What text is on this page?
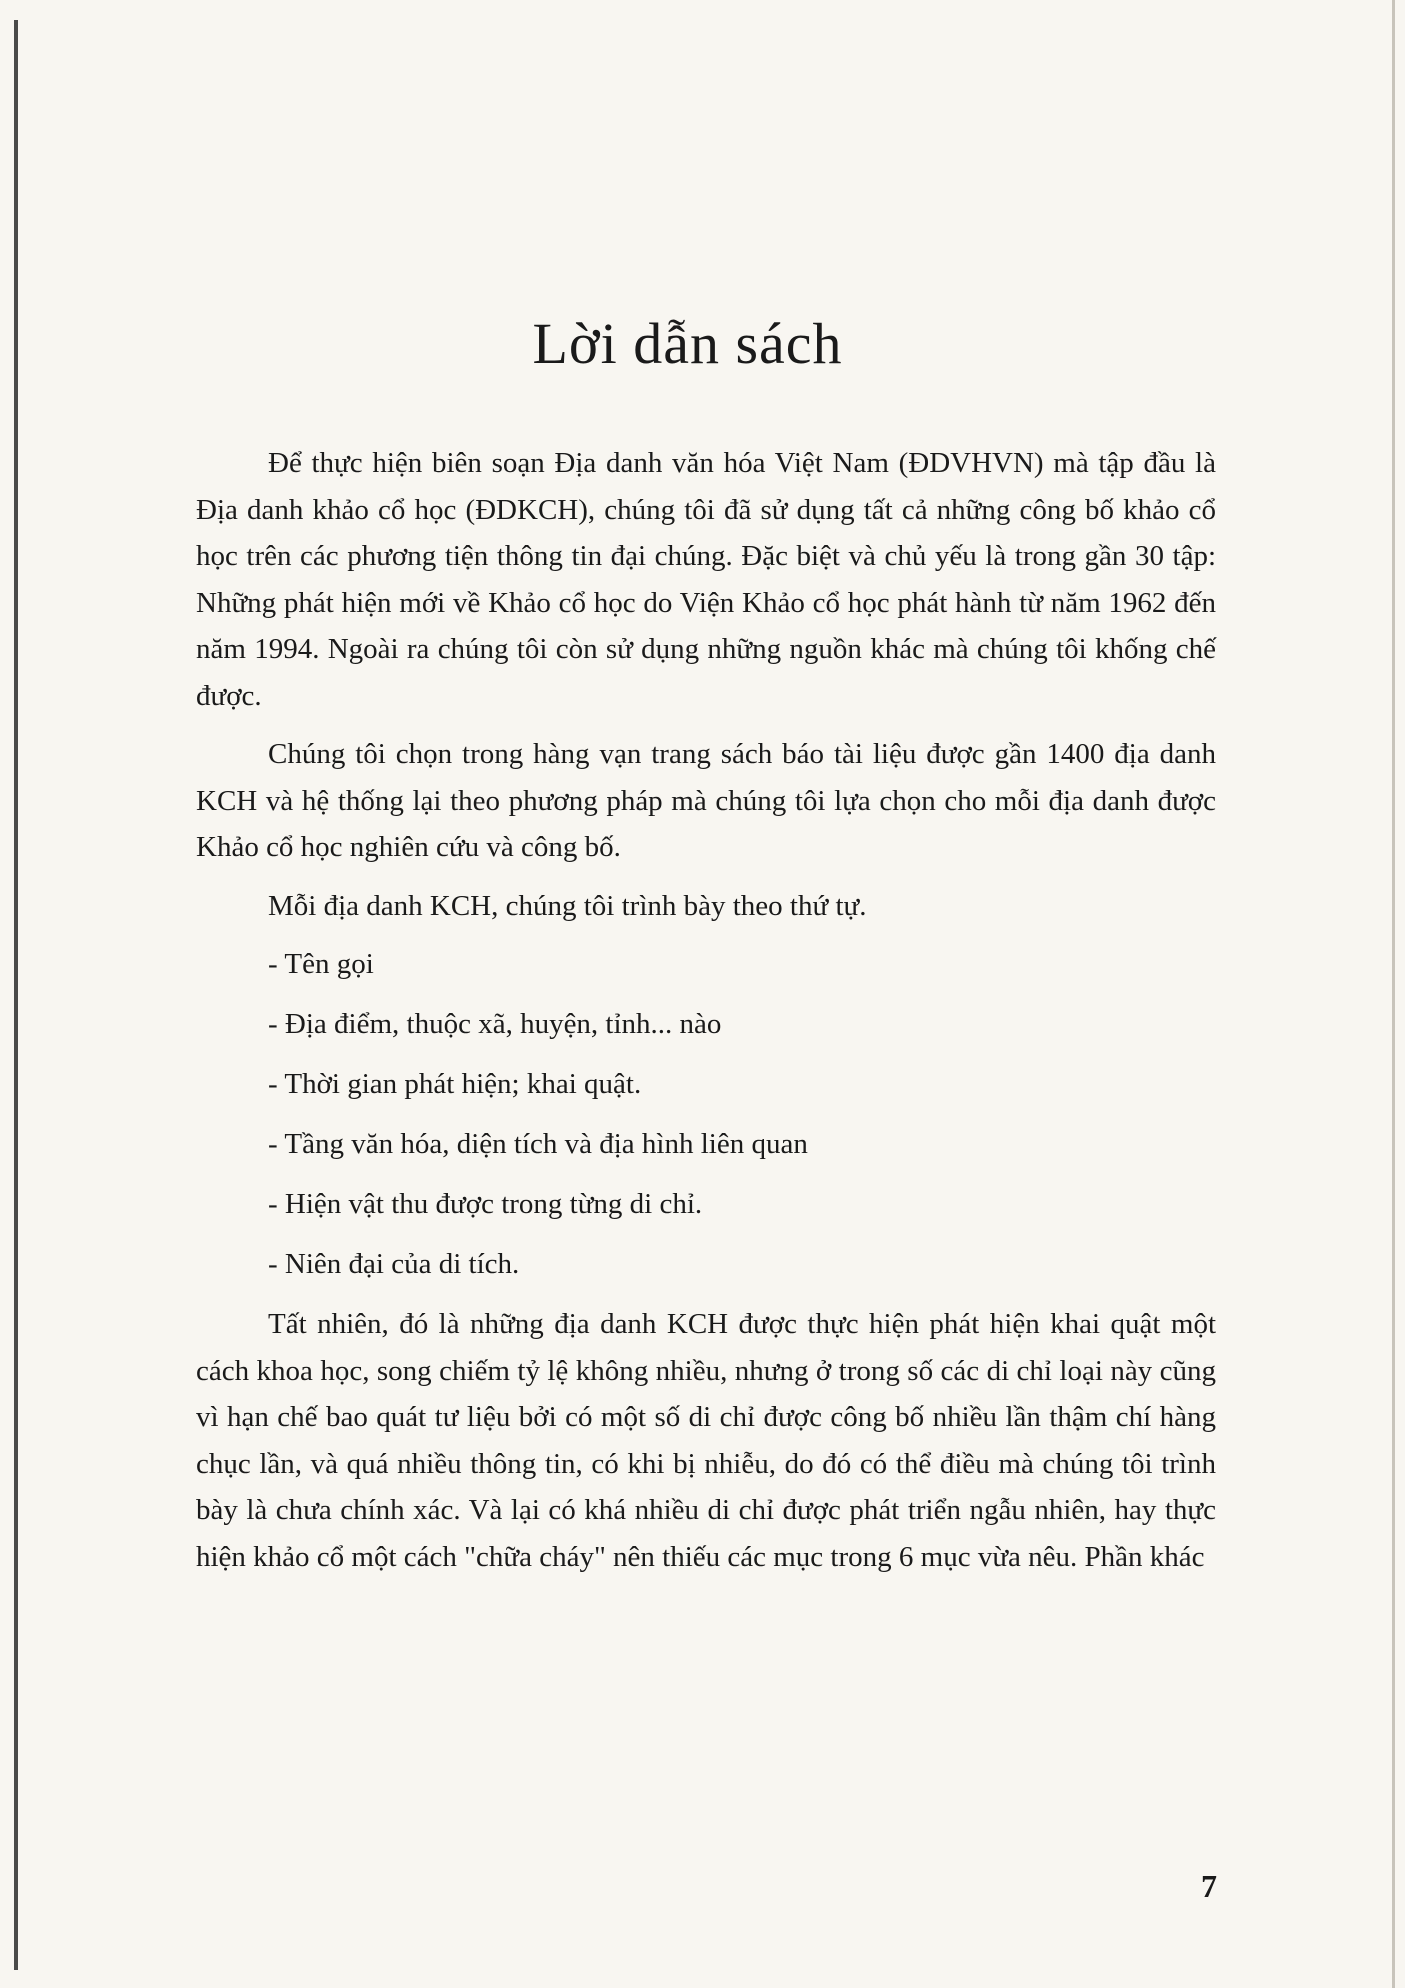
Lời dẫn sách

Để thực hiện biên soạn Địa danh văn hóa Việt Nam (ĐDVHVN) mà tập đầu là Địa danh khảo cổ học (ĐDKCH), chúng tôi đã sử dụng tất cả những công bố khảo cổ học trên các phương tiện thông tin đại chúng. Đặc biệt và chủ yếu là trong gần 30 tập: Những phát hiện mới về Khảo cổ học do Viện Khảo cổ học phát hành từ năm 1962 đến năm 1994. Ngoài ra chúng tôi còn sử dụng những nguồn khác mà chúng tôi khống chế được.

Chúng tôi chọn trong hàng vạn trang sách báo tài liệu được gần 1400 địa danh KCH và hệ thống lại theo phương pháp mà chúng tôi lựa chọn cho mỗi địa danh được Khảo cổ học nghiên cứu và công bố.

Mỗi địa danh KCH, chúng tôi trình bày theo thứ tự.

- Tên gọi
- Địa điểm, thuộc xã, huyện, tỉnh... nào
- Thời gian phát hiện; khai quật.
- Tầng văn hóa, diện tích và địa hình liên quan
- Hiện vật thu được trong từng di chỉ.
- Niên đại của di tích.

Tất nhiên, đó là những địa danh KCH được thực hiện phát hiện khai quật một cách khoa học, song chiếm tỷ lệ không nhiều, nhưng ở trong số các di chỉ loại này cũng vì hạn chế bao quát tư liệu bởi có một số di chỉ được công bố nhiều lần thậm chí hàng chục lần, và quá nhiều thông tin, có khi bị nhiễu, do đó có thể điều mà chúng tôi trình bày là chưa chính xác. Và lại có khá nhiều di chỉ được phát triển ngẫu nhiên, hay thực hiện khảo cổ một cách "chữa cháy" nên thiếu các mục trong 6 mục vừa nêu. Phần khác

7
